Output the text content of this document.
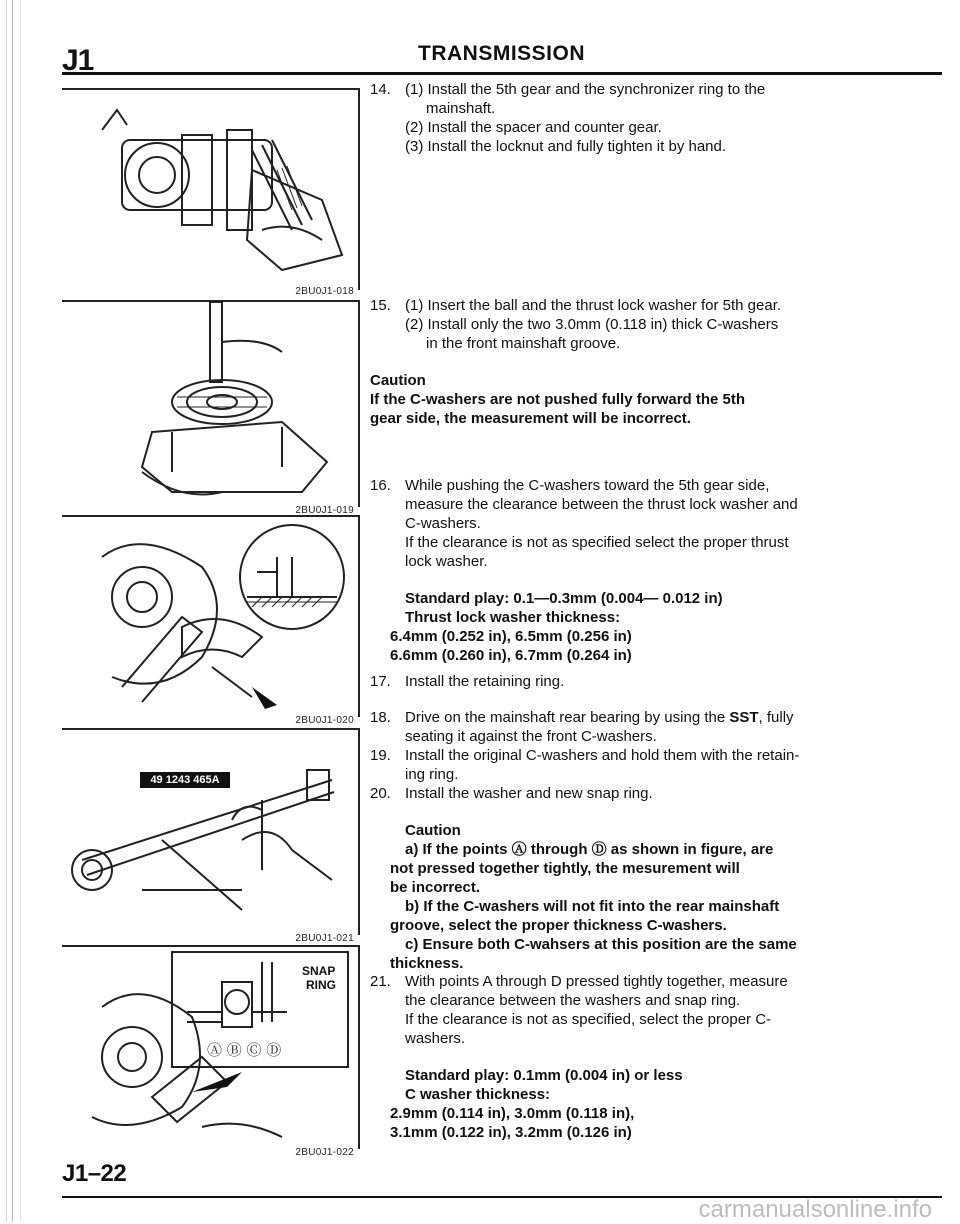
J1	TRANSMISSION
2BU0J1-018
2BU0J1-019
2BU0J1-020
2BU0J1-021
49 1243 465A
SNAP
RING
Ⓐ Ⓑ Ⓒ Ⓓ
2BU0J1-022
14. (1) Install the 5th gear and the synchronizer ring to the

mainshaft.

(2) Install the spacer and counter gear.

(3) Install the locknut and fully tighten it by hand.

15. (1) Insert the ball and the thrust lock washer for 5th gear.

(2) Install only the two 3.0mm (0.118 in) thick C-washers

in the front mainshaft groove.

Caution

If the C-washers are not pushed fully forward the 5th

gear side, the measurement will be incorrect.

16. While pushing the C-washers toward the 5th gear side,

measure the clearance between the thrust lock washer and

C-washers.

If the clearance is not as specified select the proper thrust

lock washer.

Standard play: 0.1—0.3mm (0.004— 0.012 in)

Thrust lock washer thickness:

6.4mm (0.252 in), 6.5mm (0.256 in)

6.6mm (0.260 in), 6.7mm (0.264 in)

17. Install the retaining ring.
18. Drive on the mainshaft rear bearing by using the SST, fully

seating it against the front C-washers.

19. Install the original C-washers and hold them with the retain-

ing ring.

20. Install the washer and new snap ring.

Caution

a) If the points Ⓐ through Ⓓ as shown in figure, are

not pressed together tightly, the mesurement will

be incorrect.

b) If the C-washers will not fit into the rear mainshaft

groove, select the proper thickness C-washers.

c) Ensure both C-wahsers at this position are the same

thickness.

21. With points A through D pressed tightly together, measure

the clearance between the washers and snap ring.

If the clearance is not as specified, select the proper C-

washers.

Standard play: 0.1mm (0.004 in) or less

C washer thickness:

2.9mm (0.114 in), 3.0mm (0.118 in),

3.1mm (0.122 in), 3.2mm (0.126 in)

J1–22
carmanualsonline.info
